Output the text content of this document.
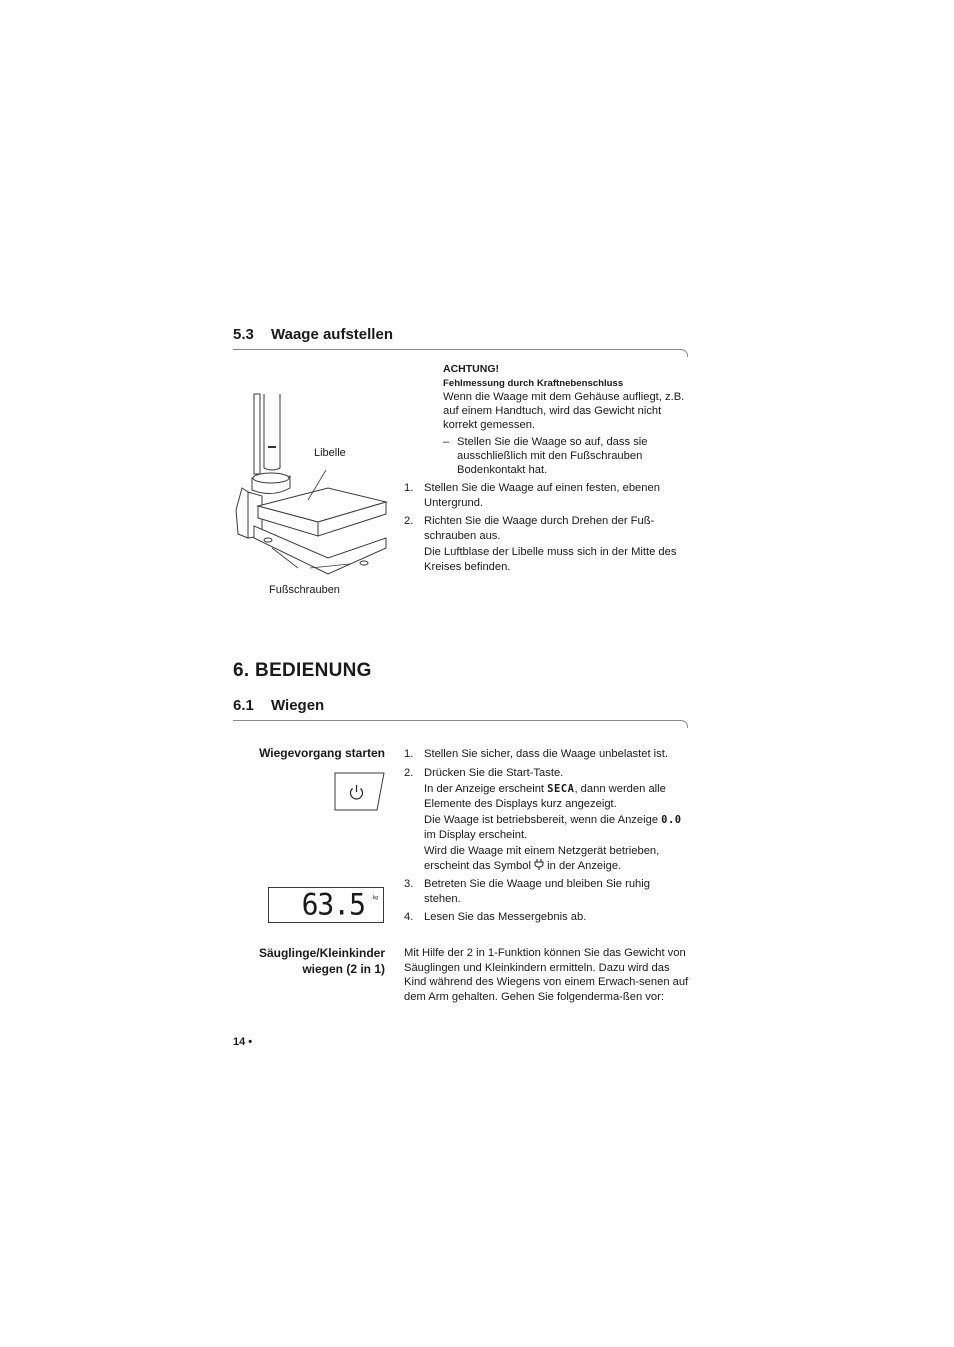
5.3 Waage aufstellen
Libelle
Fußschrauben
ACHTUNG!
Fehlmessung durch Kraftnebenschluss
Wenn die Waage mit dem Gehäuse aufliegt, z.B. auf einem Handtuch, wird das Gewicht nicht korrekt gemessen.
– Stellen Sie die Waage so auf, dass sie ausschließlich mit den Fußschrauben Bodenkontakt hat.
1. Stellen Sie die Waage auf einen festen, ebenen Untergrund.

2. Richten Sie die Waage durch Drehen der Fuß-schrauben aus.

Die Luftblase der Libelle muss sich in der Mitte des Kreises befinden.

6. BEDIENUNG
6.1 Wiegen
Wiegevorgang starten
63.5 kg
1. Stellen Sie sicher, dass die Waage unbelastet ist.

2. Drücken Sie die Start-Taste.

In der Anzeige erscheint SECA, dann werden alle Elemente des Displays kurz angezeigt.

Die Waage ist betriebsbereit, wenn die Anzeige 0.0 im Display erscheint.

Wird die Waage mit einem Netzgerät betrieben, erscheint das Symbol  in der Anzeige.

3. Betreten Sie die Waage und bleiben Sie ruhig stehen.

4. Lesen Sie das Messergebnis ab.

Säuglinge/Kleinkinder
wiegen (2 in 1)
Mit Hilfe der 2 in 1-Funktion können Sie das Gewicht von Säuglingen und Kleinkindern ermitteln. Dazu wird das Kind während des Wiegens von einem Erwach-senen auf dem Arm gehalten. Gehen Sie folgenderma-ßen vor:
14 •
